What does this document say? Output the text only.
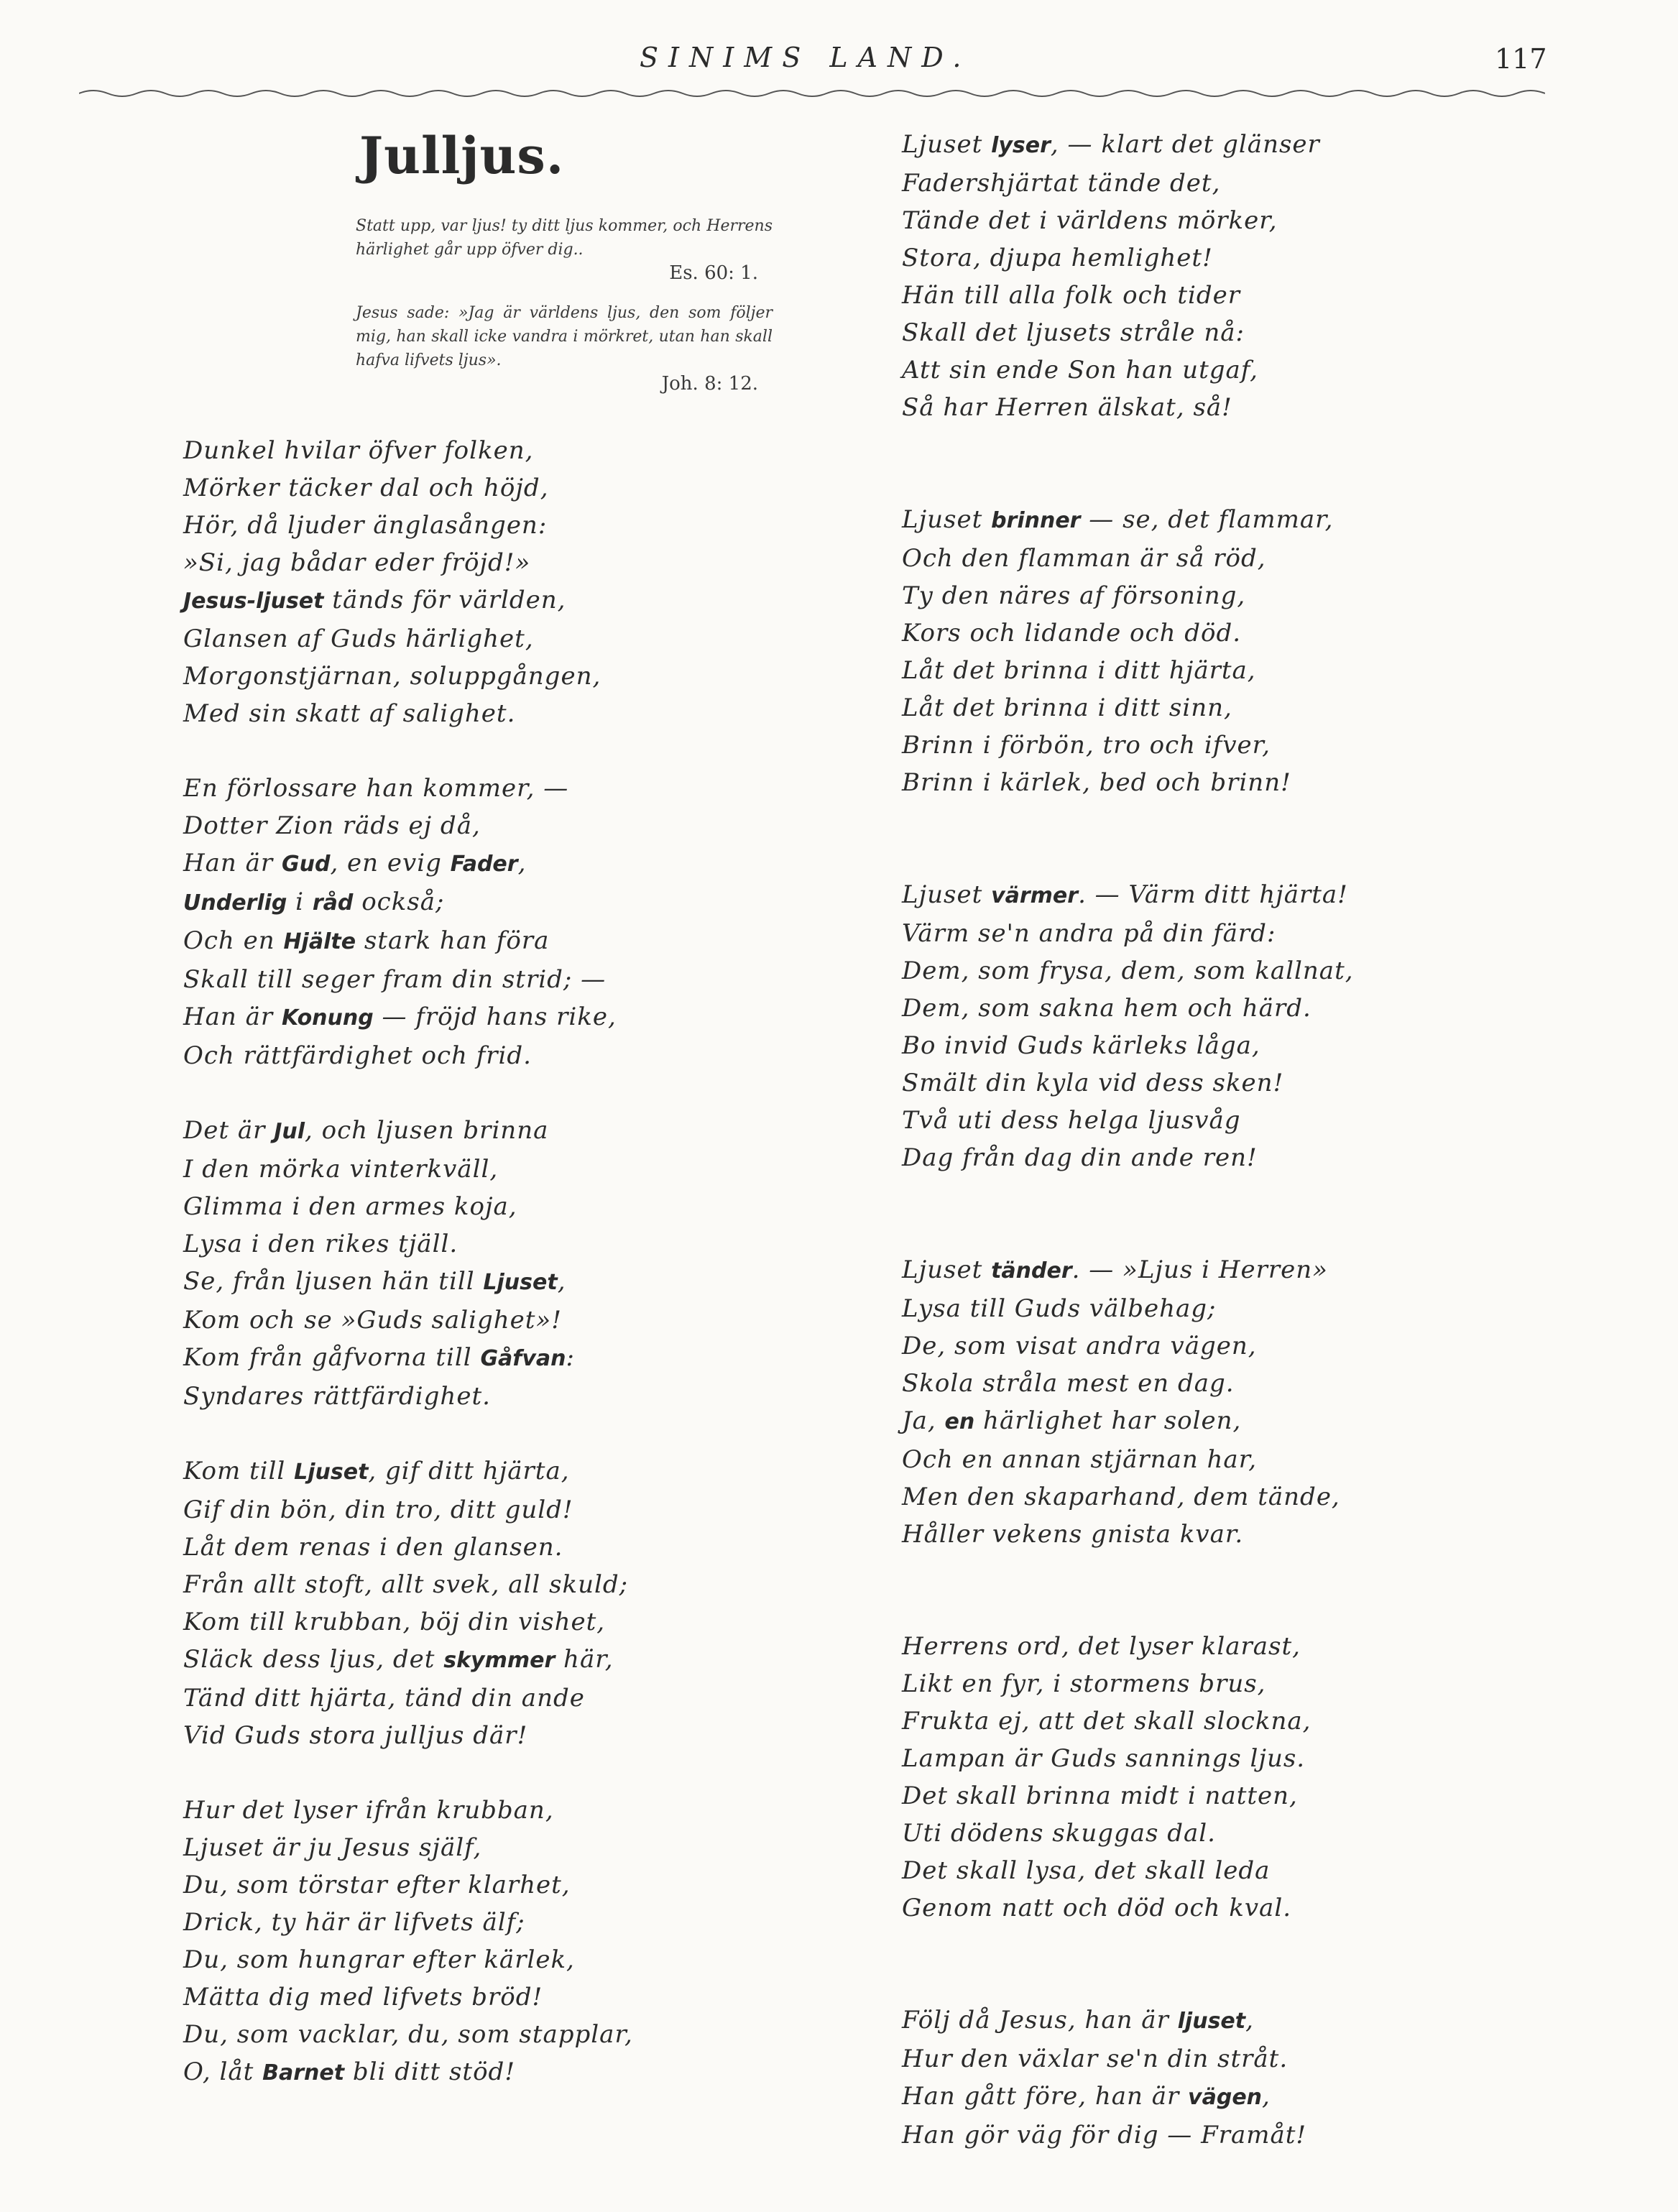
SINIMS LAND.	117
Julljus.
Statt upp, var ljus! ty ditt ljus kommer, och Herrens härlighet går upp öfver dig..
Es. 60: 1.
Jesus sade: »Jag är världens ljus, den som följer mig, han skall icke vandra i mörkret, utan han skall hafva lifvets ljus».
Joh. 8: 12.
Dunkel hvilar öfver folken,
Mörker täcker dal och höjd,
Hör, då ljuder änglasången:
»Si, jag bådar eder fröjd!»
Jesus-ljuset tänds för världen,
Glansen af Guds härlighet,
Morgonstjärnan, soluppgången,
Med sin skatt af salighet.
En förlossare han kommer, —
Dotter Zion räds ej då,
Han är Gud, en evig Fader,
Underlig i råd också;
Och en Hjälte stark han föra
Skall till seger fram din strid; —
Han är Konung — fröjd hans rike,
Och rättfärdighet och frid.
Det är Jul, och ljusen brinna
I den mörka vinterkväll,
Glimma i den armes koja,
Lysa i den rikes tjäll.
Se, från ljusen hän till Ljuset,
Kom och se »Guds salighet»!
Kom från gåfvorna till Gåfvan:
Syndares rättfärdighet.
Kom till Ljuset, gif ditt hjärta,
Gif din bön, din tro, ditt guld!
Låt dem renas i den glansen.
Från allt stoft, allt svek, all skuld;
Kom till krubban, böj din vishet,
Släck dess ljus, det skymmer här,
Tänd ditt hjärta, tänd din ande
Vid Guds stora julljus där!
Hur det lyser ifrån krubban,
Ljuset är ju Jesus själf,
Du, som törstar efter klarhet,
Drick, ty här är lifvets älf;
Du, som hungrar efter kärlek,
Mätta dig med lifvets bröd!
Du, som vacklar, du, som stapplar,
O, låt Barnet bli ditt stöd!
Ljuset lyser, — klart det glänser
Fadershjärtat tände det,
Tände det i världens mörker,
Stora, djupa hemlighet!
Hän till alla folk och tider
Skall det ljusets stråle nå:
Att sin ende Son han utgaf,
Så har Herren älskat, så!
Ljuset brinner — se, det flammar,
Och den flamman är så röd,
Ty den näres af försoning,
Kors och lidande och död.
Låt det brinna i ditt hjärta,
Låt det brinna i ditt sinn,
Brinn i förbön, tro och ifver,
Brinn i kärlek, bed och brinn!
Ljuset värmer. — Värm ditt hjärta!
Värm se'n andra på din färd:
Dem, som frysa, dem, som kallnat,
Dem, som sakna hem och härd.
Bo invid Guds kärleks låga,
Smält din kyla vid dess sken!
Två uti dess helga ljusvåg
Dag från dag din ande ren!
Ljuset tänder. — »Ljus i Herren»
Lysa till Guds välbehag;
De, som visat andra vägen,
Skola stråla mest en dag.
Ja, en härlighet har solen,
Och en annan stjärnan har,
Men den skaparhand, dem tände,
Håller vekens gnista kvar.
Herrens ord, det lyser klarast,
Likt en fyr, i stormens brus,
Frukta ej, att det skall slockna,
Lampan är Guds sannings ljus.
Det skall brinna midt i natten,
Uti dödens skuggas dal.
Det skall lysa, det skall leda
Genom natt och död och kval.
Följ då Jesus, han är ljuset,
Hur den växlar se'n din stråt.
Han gått före, han är vägen,
Han gör väg för dig — Framåt!
